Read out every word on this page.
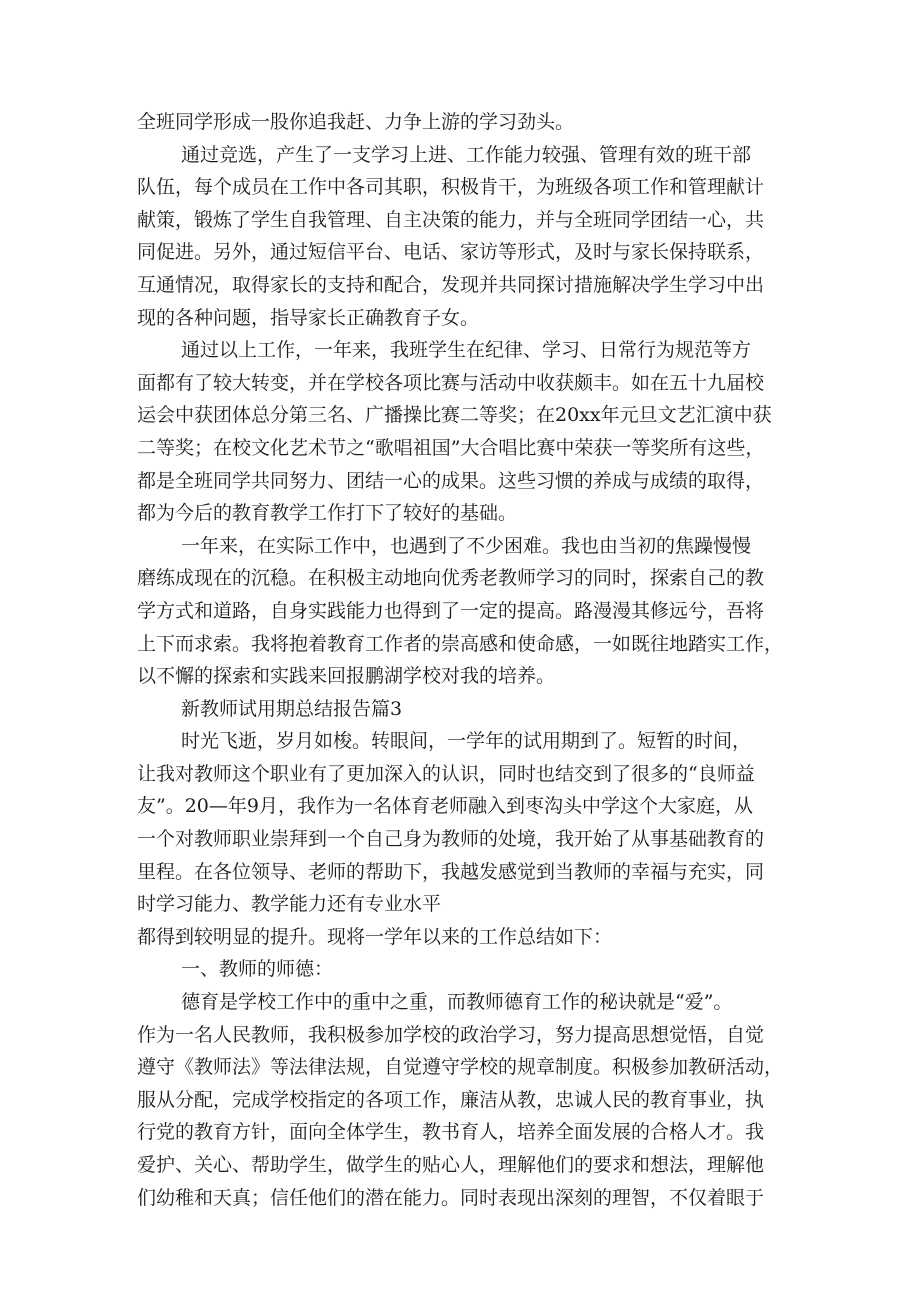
全班同学形成一股你追我赶、力争上游的学习劲头。
通过竞选，产生了一支学习上进、工作能力较强、管理有效的班干部
队伍，每个成员在工作中各司其职，积极肯干，为班级各项工作和管理献计
献策，锻炼了学生自我管理、自主决策的能力，并与全班同学团结一心，共
同促进。另外，通过短信平台、电话、家访等形式，及时与家长保持联系，
互通情况，取得家长的支持和配合，发现并共同探讨措施解决学生学习中出
现的各种问题，指导家长正确教育子女。
通过以上工作，一年来，我班学生在纪律、学习、日常行为规范等方
面都有了较大转变，并在学校各项比赛与活动中收获颇丰。如在五十九届校
运会中获团体总分第三名、广播操比赛二等奖；在20xx年元旦文艺汇演中获
二等奖；在校文化艺术节之“歌唱祖国”大合唱比赛中荣获一等奖所有这些，
都是全班同学共同努力、团结一心的成果。这些习惯的养成与成绩的取得，
都为今后的教育教学工作打下了较好的基础。
一年来，在实际工作中，也遇到了不少困难。我也由当初的焦躁慢慢
磨练成现在的沉稳。在积极主动地向优秀老教师学习的同时，探索自己的教
学方式和道路，自身实践能力也得到了一定的提高。路漫漫其修远兮，吾将
上下而求索。我将抱着教育工作者的崇高感和使命感，一如既往地踏实工作，
以不懈的探索和实践来回报鹏湖学校对我的培养。
新教师试用期总结报告篇3
时光飞逝，岁月如梭。转眼间，一学年的试用期到了。短暂的时间，
让我对教师这个职业有了更加深入的认识，同时也结交到了很多的“良师益
友”。20—年9月，我作为一名体育老师融入到枣沟头中学这个大家庭，从
一个对教师职业崇拜到一个自己身为教师的处境，我开始了从事基础教育的
里程。在各位领导、老师的帮助下，我越发感觉到当教师的幸福与充实，同
时学习能力、教学能力还有专业水平
都得到较明显的提升。现将一学年以来的工作总结如下：
一、教师的师德：
德育是学校工作中的重中之重，而教师德育工作的秘诀就是“爱”。
作为一名人民教师，我积极参加学校的政治学习，努力提高思想觉悟，自觉
遵守《教师法》等法律法规，自觉遵守学校的规章制度。积极参加教研活动，
服从分配，完成学校指定的各项工作，廉洁从教，忠诚人民的教育事业，执
行党的教育方针，面向全体学生，教书育人，培养全面发展的合格人才。我
爱护、关心、帮助学生，做学生的贴心人，理解他们的要求和想法，理解他
们幼稚和天真；信任他们的潜在能力。同时表现出深刻的理智，不仅着眼于
